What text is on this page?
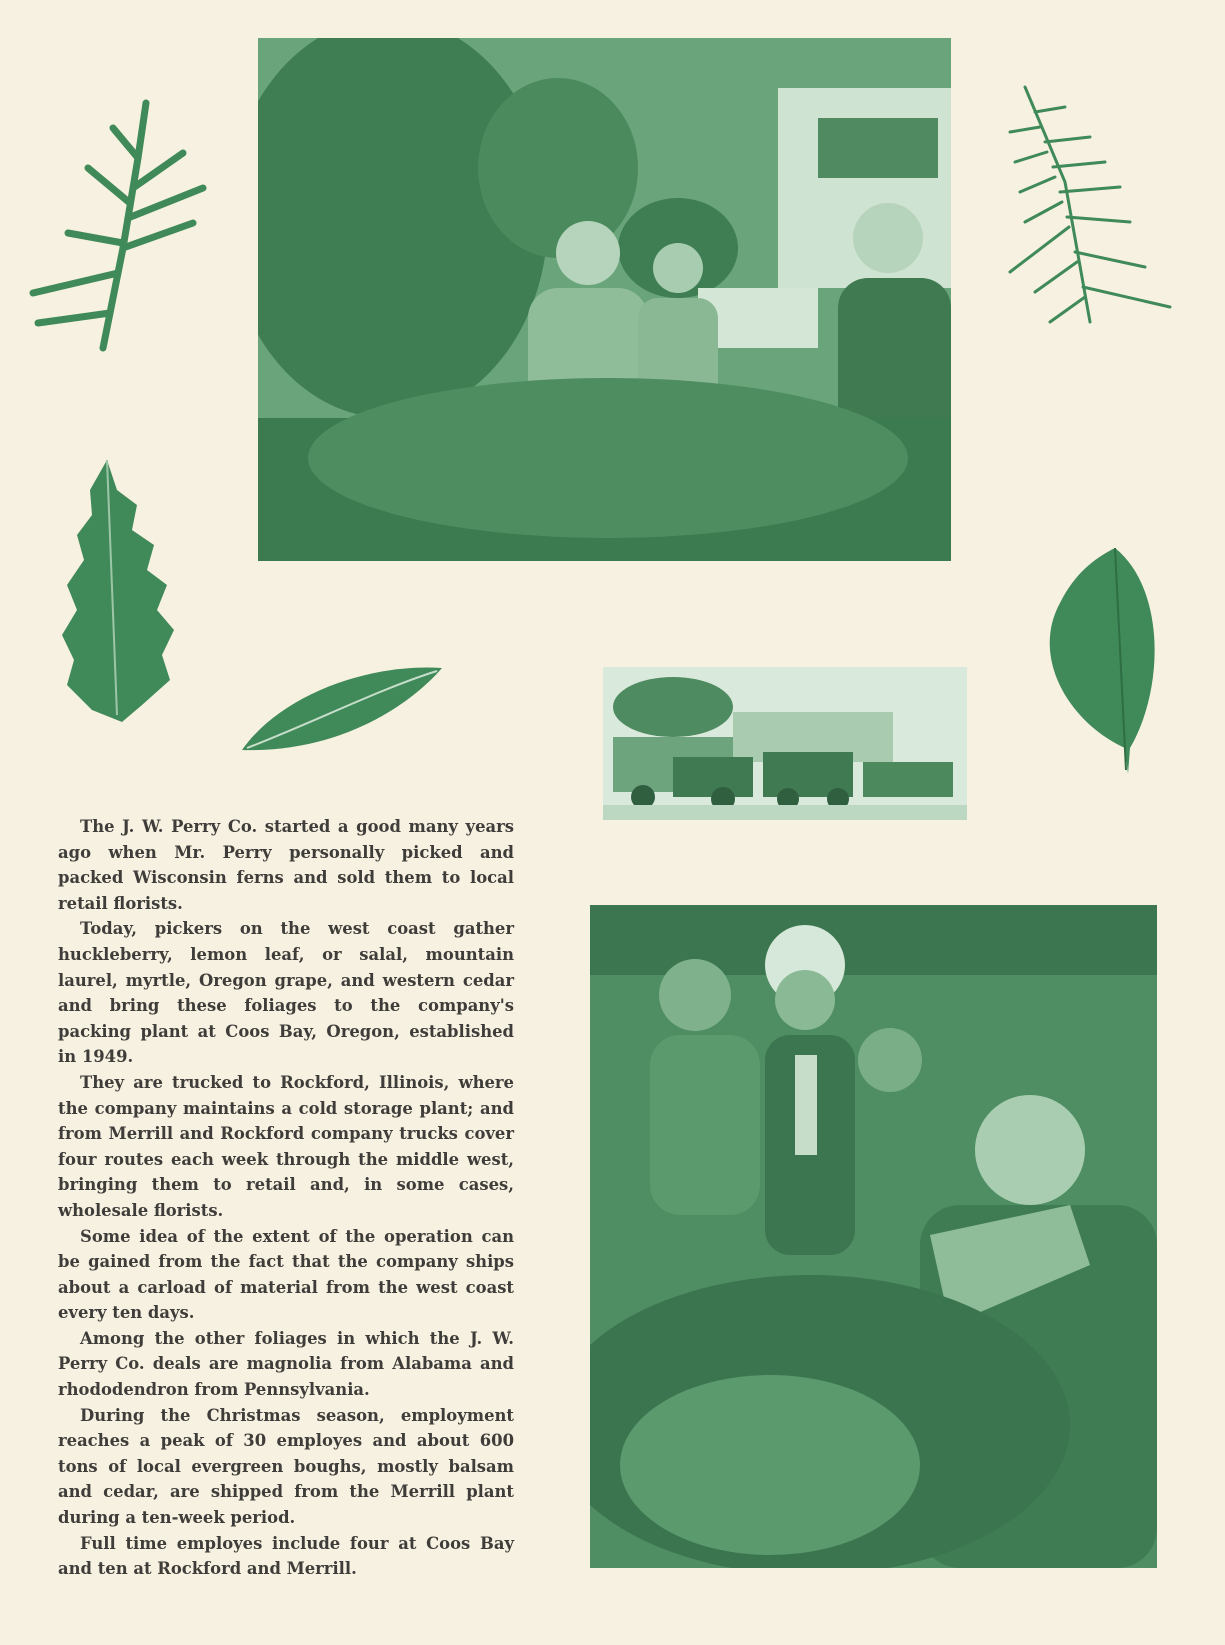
The J. W. Perry Co. started a good many years ago when Mr. Perry personally picked and packed Wisconsin ferns and sold them to local retail florists.

Today, pickers on the west coast gather huckleberry, lemon leaf, or salal, mountain laurel, myrtle, Oregon grape, and western cedar and bring these foliages to the company's packing plant at Coos Bay, Oregon, established in 1949.

They are trucked to Rockford, Illinois, where the company maintains a cold storage plant; and from Merrill and Rockford company trucks cover four routes each week through the middle west, bringing them to retail and, in some cases, wholesale florists.

Some idea of the extent of the operation can be gained from the fact that the company ships about a carload of material from the west coast every ten days.

Among the other foliages in which the J. W. Perry Co. deals are magnolia from Alabama and rhododendron from Pennsylvania.

During the Christmas season, employment reaches a peak of 30 employes and about 600 tons of local evergreen boughs, mostly balsam and cedar, are shipped from the Merrill plant during a ten-week period.

Full time employes include four at Coos Bay and ten at Rockford and Merrill.
